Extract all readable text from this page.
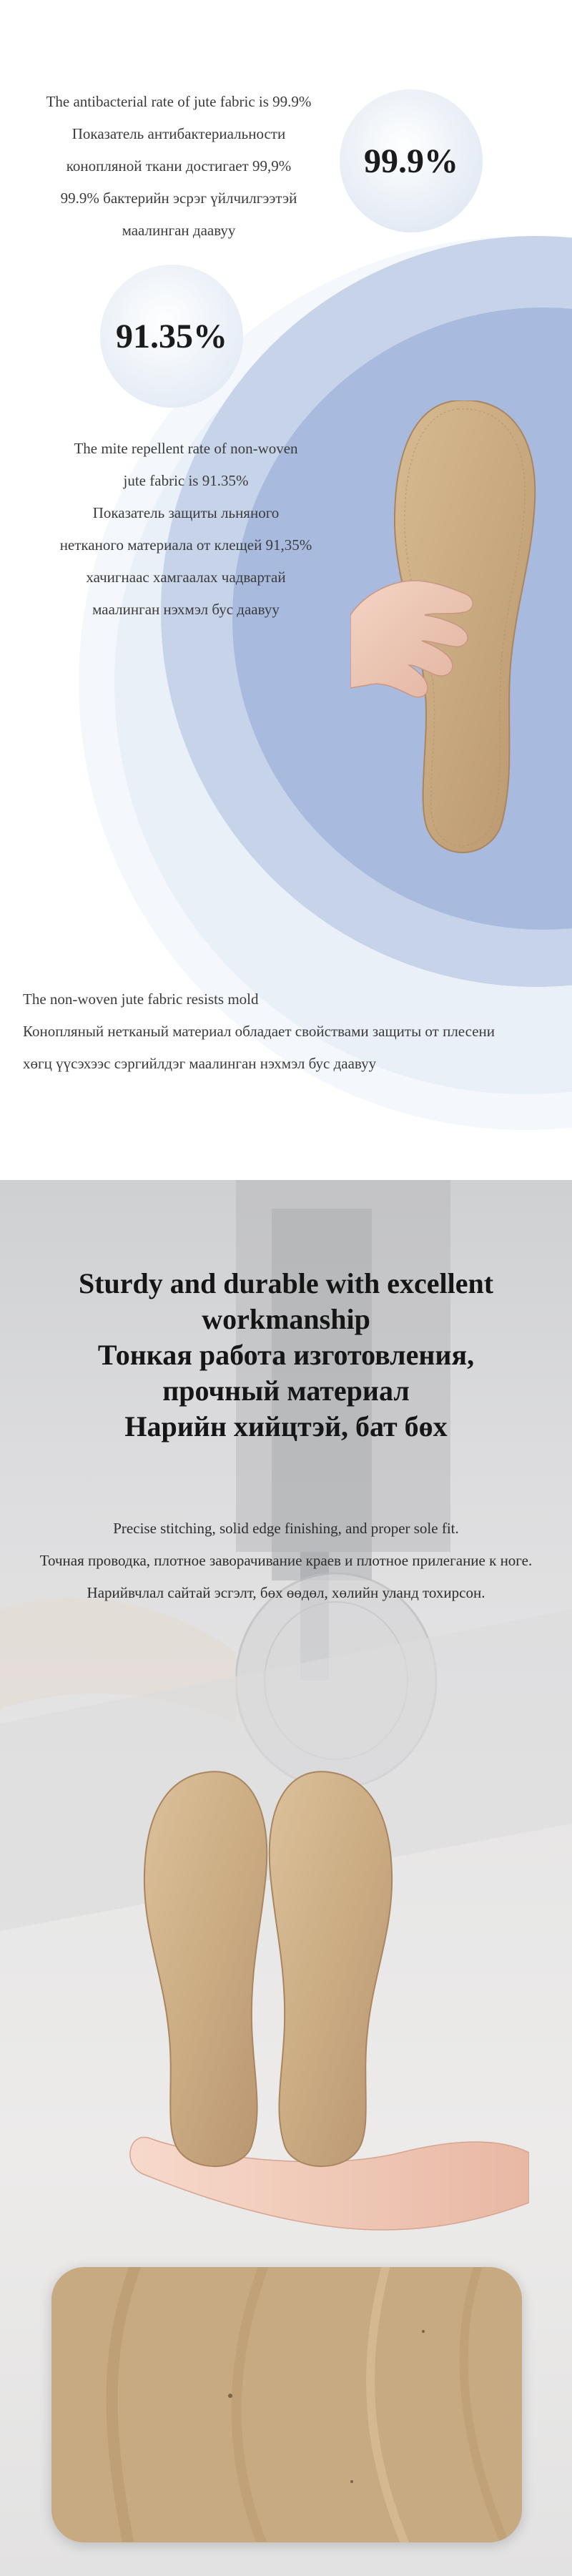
99.9%
The antibacterial rate of jute fabric is 99.9%
Показатель антибактериальности
конопляной ткани достигает 99,9%
99.9% бактерийн эсрэг үйлчилгээтэй
маалинган даавуу
91.35%
The mite repellent rate of non-woven
jute fabric is 91.35%
Показатель защиты льняного
нетканого материала от клещей 91,35%
хачигнаас хамгаалах чадвартай
маалинган нэхмэл бус даавуу
The non-woven jute fabric resists mold
Конопляный нетканый материал обладает свойствами защиты от плесени
хөгц үүсэхээс сэргийлдэг маалинган нэхмэл бус даавуу
Sturdy and durable with excellent
workmanship
Тонкая работа изготовления,
прочный материал
Нарийн хийцтэй, бат бөх
Precise stitching, solid edge finishing, and proper sole fit.
Точная проводка, плотное заворачивание краев и плотное прилегание к ноге.
Нарийвчлал сайтай эсгэлт, бөх өөдөл, хөлийн уланд тохирсон.
